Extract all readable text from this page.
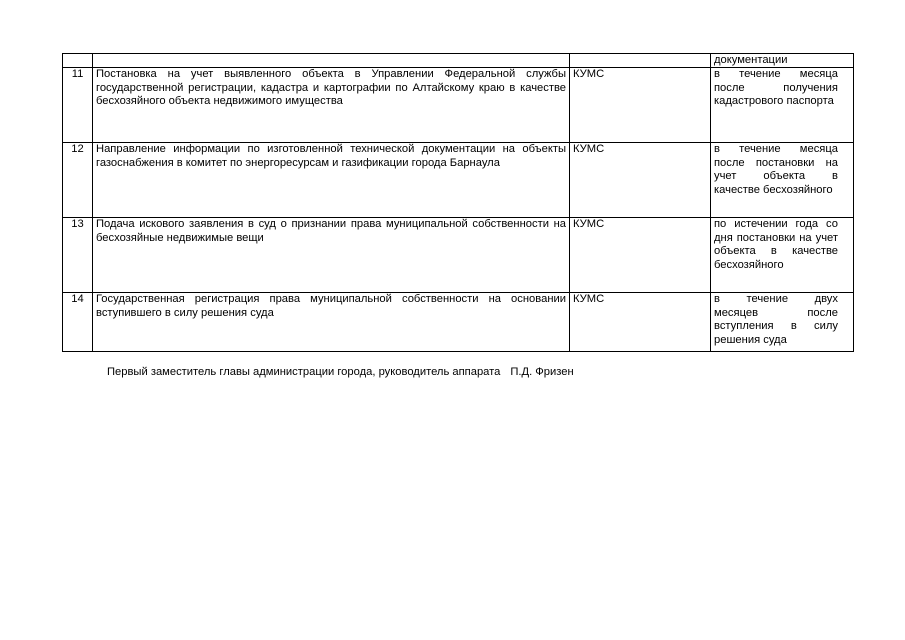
			документации

11	Постановка на учет выявленного объекта в Управлении Федеральной службы государственной регистрации, кадастра и картографии по Алтайскому краю в качестве бесхозяйного объекта недвижимого имущества	КУМС	в течение месяца после получения кадастрового паспорта

12	Направление информации по изготовленной технической документации на объекты газоснабжения в комитет по энергоресурсам и газификации города Барнаула	КУМС	в течение месяца после постановки на учет объекта в качестве бесхозяйного

13	Подача искового заявления в суд о признании права муниципальной собственности на бесхозяйные недвижимые вещи	КУМС	по истечении года со дня постановки на учет объекта в качестве бесхозяйного

14	Государственная регистрация права муниципальной собственности на основании вступившего в силу решения суда	КУМС	в течение двух месяцев после вступления в силу решения суда
Первый заместитель главы администрации города, руководитель аппарата П.Д. Фризен
